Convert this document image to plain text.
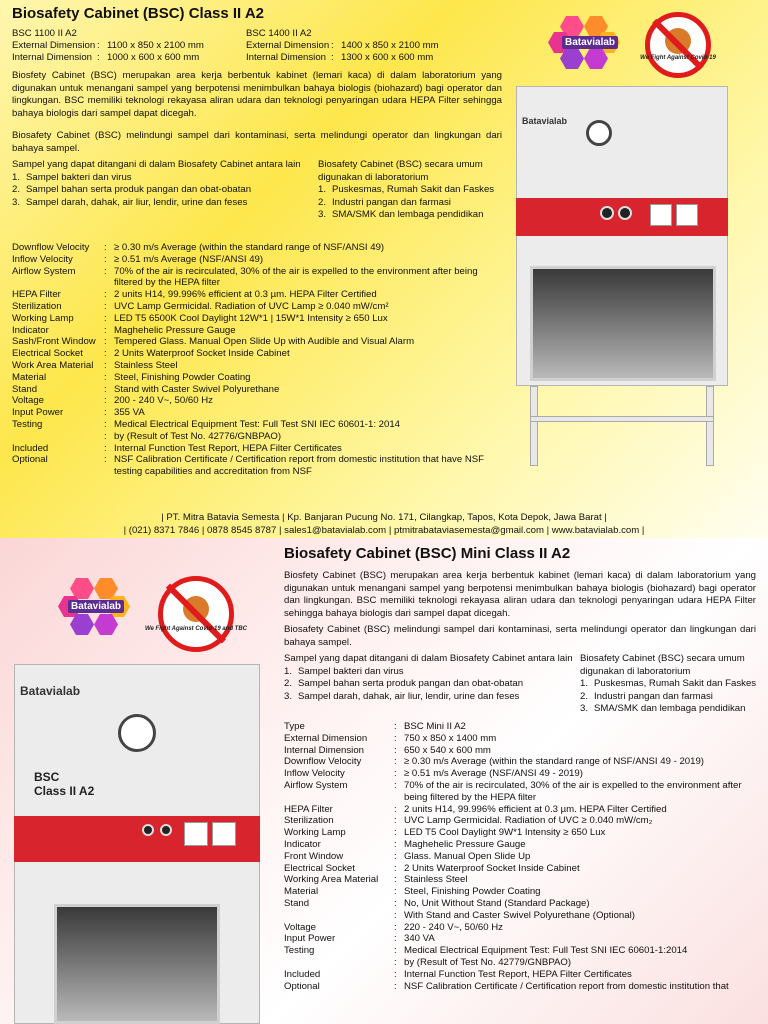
Biosafety Cabinet (BSC) Class II A2
BSC 1100 II A2
External Dimension : 1100 x 850 x 2100 mm
Internal Dimension : 1000 x 600 x 600 mm
BSC 1400 II A2
External Dimension : 1400 x 850 x 2100 mm
Internal Dimension : 1300 x 600 x 600 mm
Batavialab
We Fight Against Covid-19
Biosfety Cabinet (BSC) merupakan area kerja berbentuk kabinet (lemari kaca) di dalam laboratorium yang digunakan untuk menangani sampel yang berpotensi menimbulkan bahaya biologis (biohazard) bagi operator dan lingkungan. BSC memiliki teknologi rekayasa aliran udara dan teknologi penyaringan udara HEPA Filter sehingga bahaya biologis dari sampel dapat dicegah.
Biosafety Cabinet (BSC) melindungi sampel dari kontaminasi, serta melindungi operator dan lingkungan dari bahaya sampel.
Sampel yang dapat ditangani di dalam Biosafety Cabinet antara lain
1. Sampel bakteri dan virus
2. Sampel bahan serta produk pangan dan obat-obatan
3. Sampel darah, dahak, air liur, lendir, urine dan feses
Biosafety Cabinet (BSC) secara umum digunakan di laboratorium
1. Puskesmas, Rumah Sakit dan Faskes
2. Industri pangan dan farmasi
3. SMA/SMK dan lembaga pendidikan
Downflow Velocity	: ≥ 0.30 m/s Average (within the standard range of NSF/ANSI 49)
Inflow Velocity	: ≥ 0.51 m/s Average (NSF/ANSI 49)
Airflow System	: 70% of the air is recirculated, 30% of the air is expelled to the environment after being filtered by the HEPA filter
HEPA Filter	: 2 units H14, 99.996% efficient at 0.3 µm. HEPA Filter Certified
Sterilization	: UVC Lamp Germicidal. Radiation of UVC Lamp ≥ 0.040 mW/cm²
Working Lamp	: LED T5 6500K Cool Daylight 12W*1 | 15W*1 Intensity ≥ 650 Lux
Indicator	: Maghehelic Pressure Gauge
Sash/Front Window : Tempered Glass. Manual Open Slide Up with Audible and Visual Alarm
Electrical Socket	: 2 Units Waterproof Socket Inside Cabinet
Work Area Material	: Stainless Steel
Material	: Steel, Finishing Powder Coating
Stand	: Stand with Caster Swivel Polyurethane
Voltage	: 200 - 240 V~, 50/60 Hz
Input Power	: 355 VA
Testing	: Medical Electrical Equipment Test: Full Test SNI IEC 60601-1: 2014
: by (Result of Test No. 42776/GNBPAO)
Included	: Internal Function Test Report, HEPA Filter Certificates
Optional	: NSF Calibration Certificate / Certification report from domestic institution that have NSF testing capabilities and accreditation from NSF
Batavialab
| PT. Mitra Batavia Semesta | Kp. Banjaran Pucung No. 171, Cilangkap, Tapos, Kota Depok, Jawa Barat |
| (021) 8371 7846 | 0878 8545 8787 | sales1@batavialab.com | ptmitrabataviasemesta@gmail.com | www.batavialab.com |
Batavialab
We Fight Against Covid-19 and TBC
Biosafety Cabinet (BSC) Mini Class II A2
Biosfety Cabinet (BSC) merupakan area kerja berbentuk kabinet (lemari kaca) di dalam laboratorium yang digunakan untuk menangani sampel yang berpotensi menimbulkan bahaya biologis (biohazard) bagi operator dan lingkungan. BSC memiliki teknologi rekayasa aliran udara dan teknologi penyaringan udara HEPA Filter sehingga bahaya biologis dari sampel dapat dicegah.
Biosafety Cabinet (BSC) melindungi sampel dari kontaminasi, serta melindungi operator dan lingkungan dari bahaya sampel.
Sampel yang dapat ditangani di dalam Biosafety Cabinet antara lain
1. Sampel bakteri dan virus
2. Sampel bahan serta produk pangan dan obat-obatan
3. Sampel darah, dahak, air liur, lendir, urine dan feses
Biosafety Cabinet (BSC) secara umum digunakan di laboratorium
1. Puskesmas, Rumah Sakit dan Faskes
2. Industri pangan dan farmasi
3. SMA/SMK dan lembaga pendidikan
Type	: BSC Mini II A2
External Dimension	: 750 x 850 x 1400 mm
Internal Dimension	: 650 x 540 x 600 mm
Downflow Velocity	: ≥ 0.30 m/s Average (within the standard range of NSF/ANSI 49 - 2019)
Inflow Velocity	: ≥ 0.51 m/s Average (NSF/ANSI 49 - 2019)
Airflow System	: 70% of the air is recirculated, 30% of the air is expelled to the environment after being filtered by the HEPA filter
HEPA Filter	: 2 units H14, 99.996% efficient at 0.3 µm. HEPA Filter Certified
Sterilization	: UVC Lamp Germicidal. Radiation of UVC ≥ 0.040 mW/cm₂
Working Lamp	: LED T5 Cool Daylight 9W*1 Intensity ≥ 650 Lux
Indicator	: Maghehelic Pressure Gauge
Front Window	: Glass. Manual Open Slide Up
Electrical Socket	: 2 Units Waterproof Socket Inside Cabinet
Working Area Material	: Stainless Steel
Material	: Steel, Finishing Powder Coating
Stand	: No, Unit Without Stand (Standard Package)
: With Stand and Caster Swivel Polyurethane (Optional)
Voltage	: 220 - 240 V~, 50/60 Hz
Input Power	: 340 VA
Testing	: Medical Electrical Equipment Test: Full Test SNI IEC 60601-1:2014
: by (Result of Test No. 42779/GNBPAO)
Included	: Internal Function Test Report, HEPA Filter Certificates
Optional	: NSF Calibration Certificate / Certification report from domestic institution that
Batavialab
BSC
Class II A2
